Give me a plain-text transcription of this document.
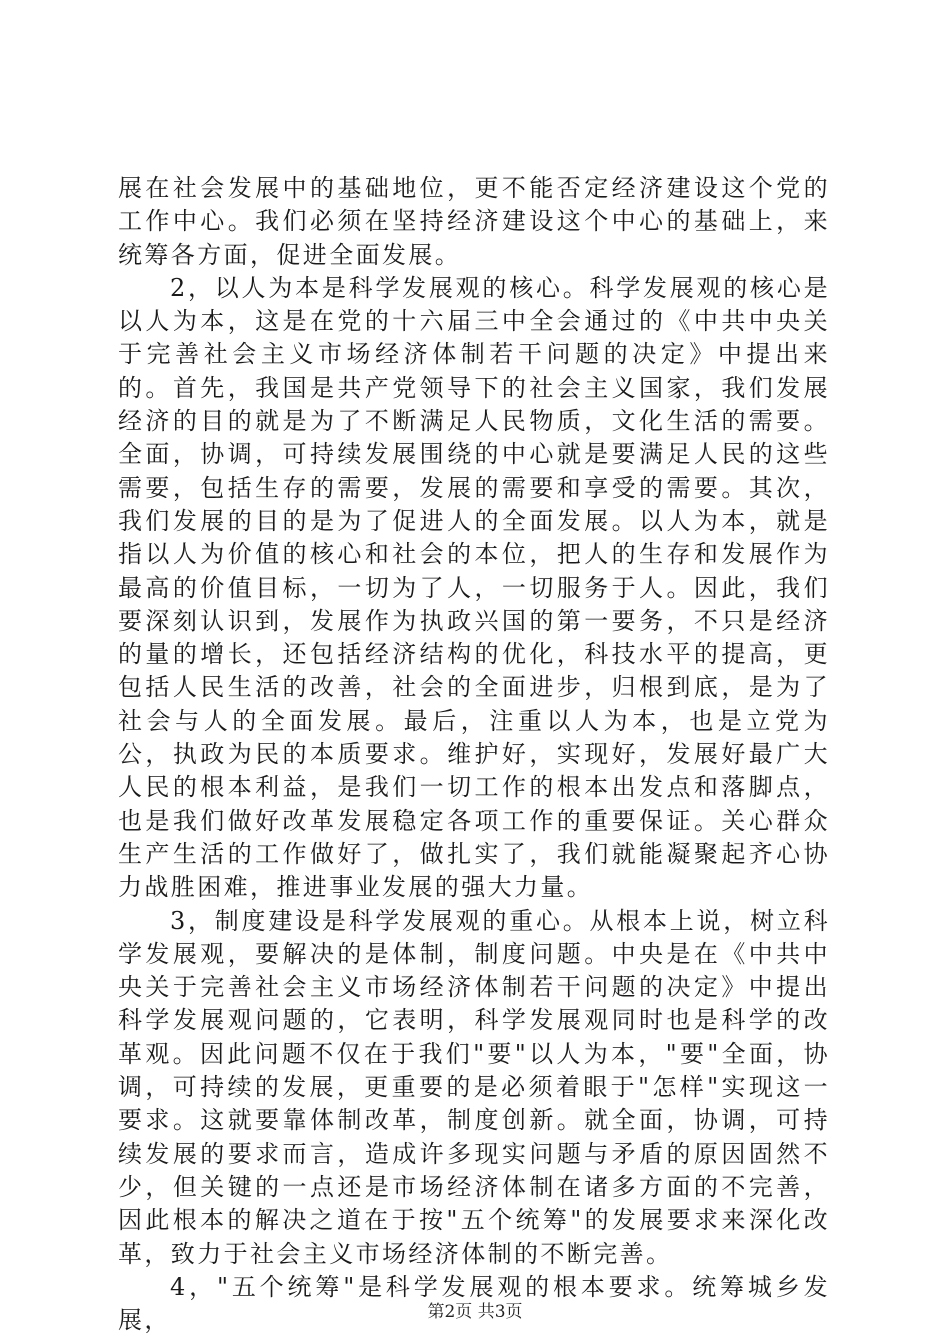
展在社会发展中的基础地位，更不能否定经济建设这个党的工作中心。我们必须在坚持经济建设这个中心的基础上，来统筹各方面，促进全面发展。

2，以人为本是科学发展观的核心。科学发展观的核心是以人为本，这是在党的十六届三中全会通过的《中共中央关于完善社会主义市场经济体制若干问题的决定》中提出来的。首先，我国是共产党领导下的社会主义国家，我们发展经济的目的就是为了不断满足人民物质，文化生活的需要。全面，协调，可持续发展围绕的中心就是要满足人民的这些需要，包括生存的需要，发展的需要和享受的需要。其次，我们发展的目的是为了促进人的全面发展。以人为本，就是指以人为价值的核心和社会的本位，把人的生存和发展作为最高的价值目标，一切为了人，一切服务于人。因此，我们要深刻认识到，发展作为执政兴国的第一要务，不只是经济的量的增长，还包括经济结构的优化，科技水平的提高，更包括人民生活的改善，社会的全面进步，归根到底，是为了社会与人的全面发展。最后，注重以人为本，也是立党为公，执政为民的本质要求。维护好，实现好，发展好最广大人民的根本利益，是我们一切工作的根本出发点和落脚点，也是我们做好改革发展稳定各项工作的重要保证。关心群众生产生活的工作做好了，做扎实了，我们就能凝聚起齐心协力战胜困难，推进事业发展的强大力量。

3，制度建设是科学发展观的重心。从根本上说，树立科学发展观，要解决的是体制，制度问题。中央是在《中共中央关于完善社会主义市场经济体制若干问题的决定》中提出科学发展观问题的，它表明，科学发展观同时也是科学的改革观。因此问题不仅在于我们"要"以人为本，"要"全面，协调，可持续的发展，更重要的是必须着眼于"怎样"实现这一要求。这就要靠体制改革，制度创新。就全面，协调，可持续发展的要求而言，造成许多现实问题与矛盾的原因固然不少，但关键的一点还是市场经济体制在诸多方面的不完善，因此根本的解决之道在于按"五个统筹"的发展要求来深化改革，致力于社会主义市场经济体制的不断完善。

4，"五个统筹"是科学发展观的根本要求。统筹城乡发展，	第2页 共3页
